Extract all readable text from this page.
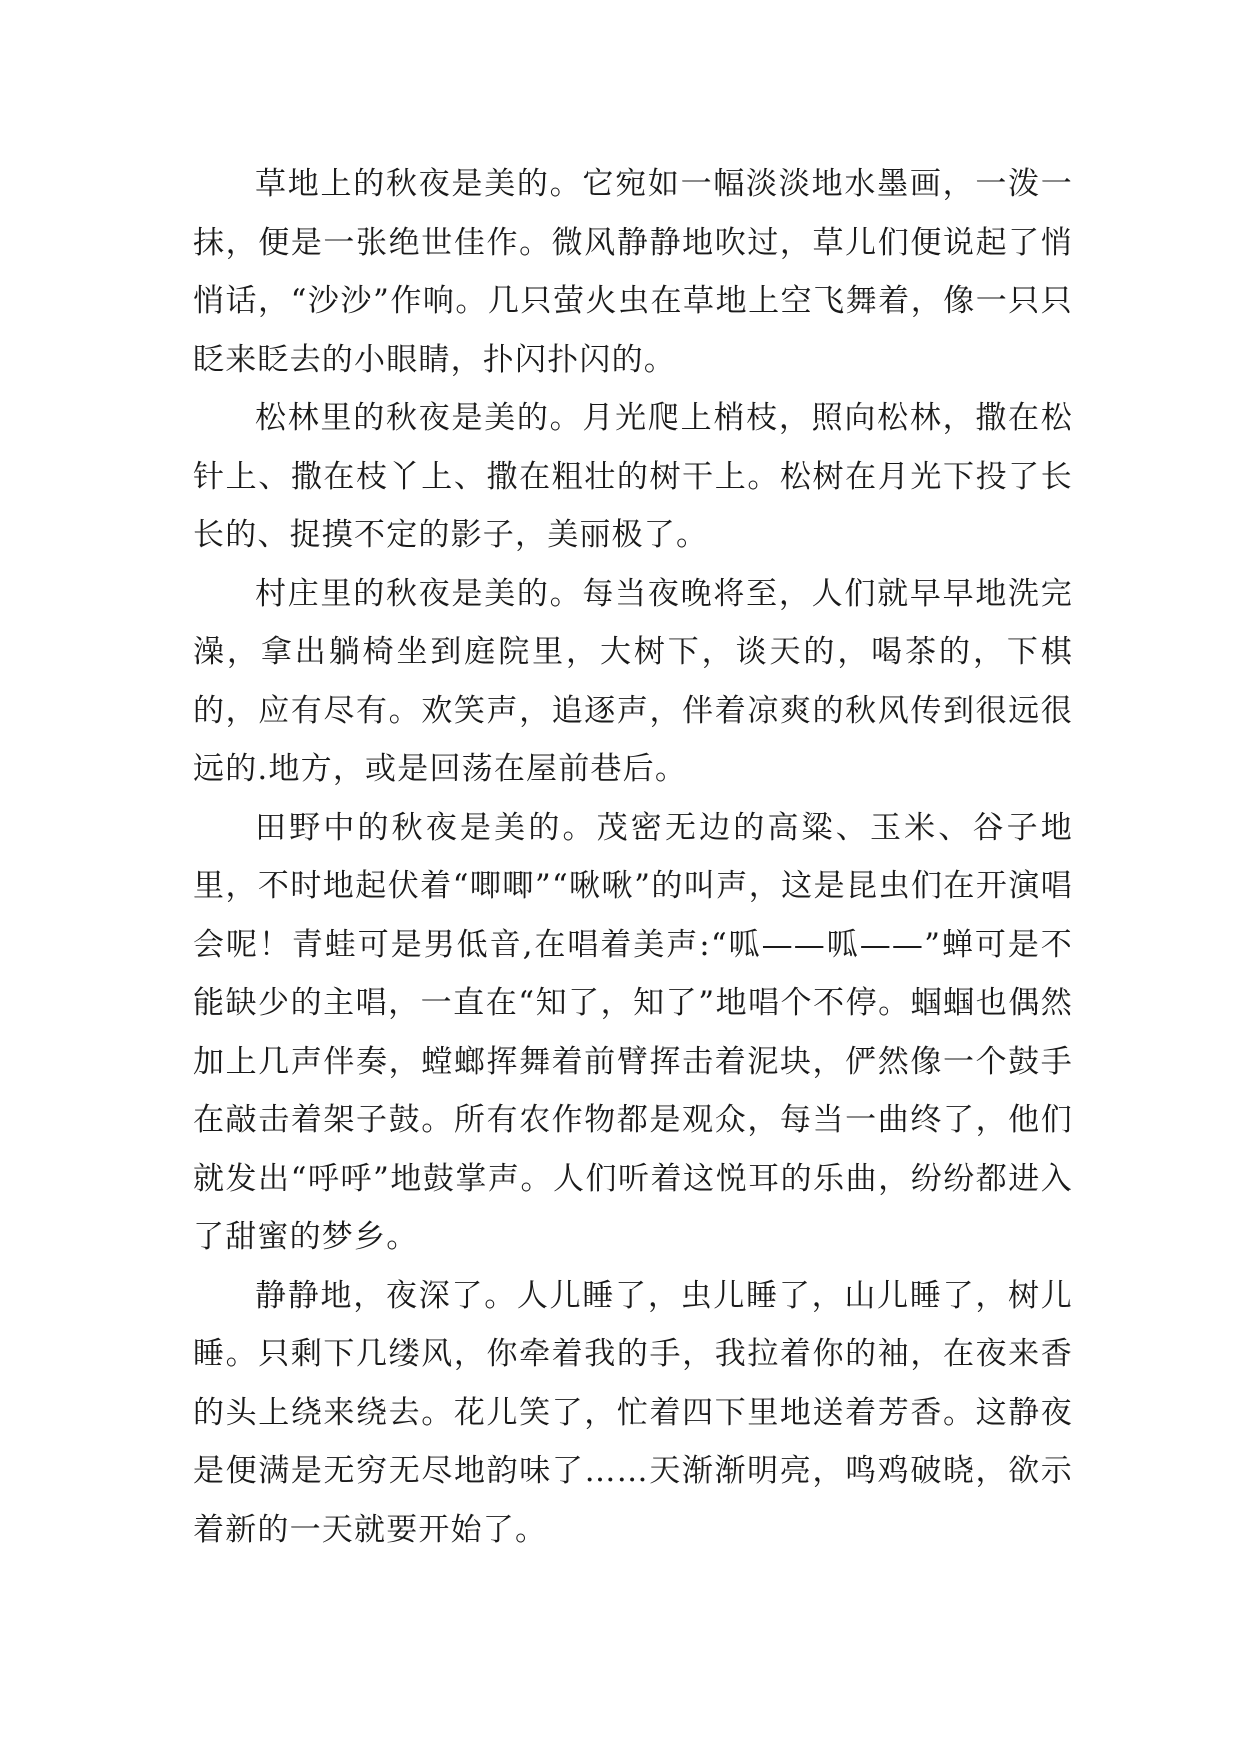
草地上的秋夜是美的。它宛如一幅淡淡地水墨画，一泼一抹，便是一张绝世佳作。微风静静地吹过，草儿们便说起了悄悄话，“沙沙”作响。几只萤火虫在草地上空飞舞着，像一只只眨来眨去的小眼睛，扑闪扑闪的。

松林里的秋夜是美的。月光爬上梢枝，照向松林，撒在松针上、撒在枝丫上、撒在粗壮的树干上。松树在月光下投了长长的、捉摸不定的影子，美丽极了。

村庄里的秋夜是美的。每当夜晚将至，人们就早早地洗完澡，拿出躺椅坐到庭院里，大树下，谈天的，喝茶的，下棋的，应有尽有。欢笑声，追逐声，伴着凉爽的秋风传到很远很远的.地方，或是回荡在屋前巷后。

田野中的秋夜是美的。茂密无边的高粱、玉米、谷子地里，不时地起伏着“唧唧”“啾啾”的叫声，这是昆虫们在开演唱会呢！青蛙可是男低音,在唱着美声:“呱——呱——”蝉可是不能缺少的主唱，一直在“知了，知了”地唱个不停。蝈蝈也偶然加上几声伴奏，螳螂挥舞着前臂挥击着泥块，俨然像一个鼓手在敲击着架子鼓。所有农作物都是观众，每当一曲终了，他们就发出“呼呼”地鼓掌声。人们听着这悦耳的乐曲，纷纷都进入了甜蜜的梦乡。

静静地，夜深了。人儿睡了，虫儿睡了，山儿睡了，树儿睡。只剩下几缕风，你牵着我的手，我拉着你的袖，在夜来香的头上绕来绕去。花儿笑了，忙着四下里地送着芳香。这静夜是便满是无穷无尽地韵味了……天渐渐明亮，鸣鸡破晓，欲示着新的一天就要开始了。
